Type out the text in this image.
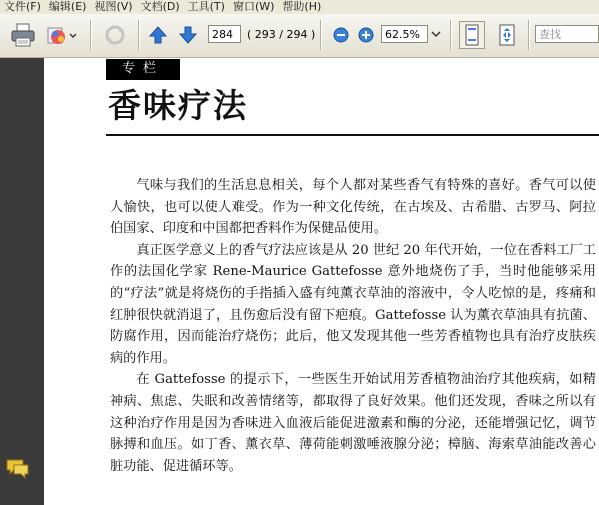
文件(F) 编辑(E) 视图(V) 文档(D) 工具(T) 窗口(W) 帮助(H)
284	( 293 / 294 )	62.5%	查找
专栏
香味疗法

气味与我们的生活息息相关，每个人都对某些香气有特殊的喜好。香气可以使人愉快，也可以使人难受。作为一种文化传统，在古埃及、古希腊、古罗马、阿拉伯国家、印度和中国都把香料作为保健品使用。

真正医学意义上的香气疗法应该是从 20 世纪 20 年代开始，一位在香料工厂工作的法国化学家 Rene-Maurice Gattefosse 意外地烧伤了手，当时他能够采用的“疗法”就是将烧伤的手指插入盛有纯薰衣草油的溶液中，令人吃惊的是，疼痛和红肿很快就消退了，且伤愈后没有留下疤痕。Gattefosse 认为薰衣草油具有抗菌、防腐作用，因而能治疗烧伤；此后，他又发现其他一些芳香植物也具有治疗皮肤疾病的作用。

在 Gattefosse 的提示下，一些医生开始试用芳香植物油治疗其他疾病，如精神病、焦虑、失眠和改善情绪等，都取得了良好效果。他们还发现，香味之所以有这种治疗作用是因为香味进入血液后能促进激素和酶的分泌，还能增强记忆，调节脉搏和血压。如丁香、薰衣草、薄荷能刺激唾液腺分泌；樟脑、海索草油能改善心脏功能、促进循环等。
